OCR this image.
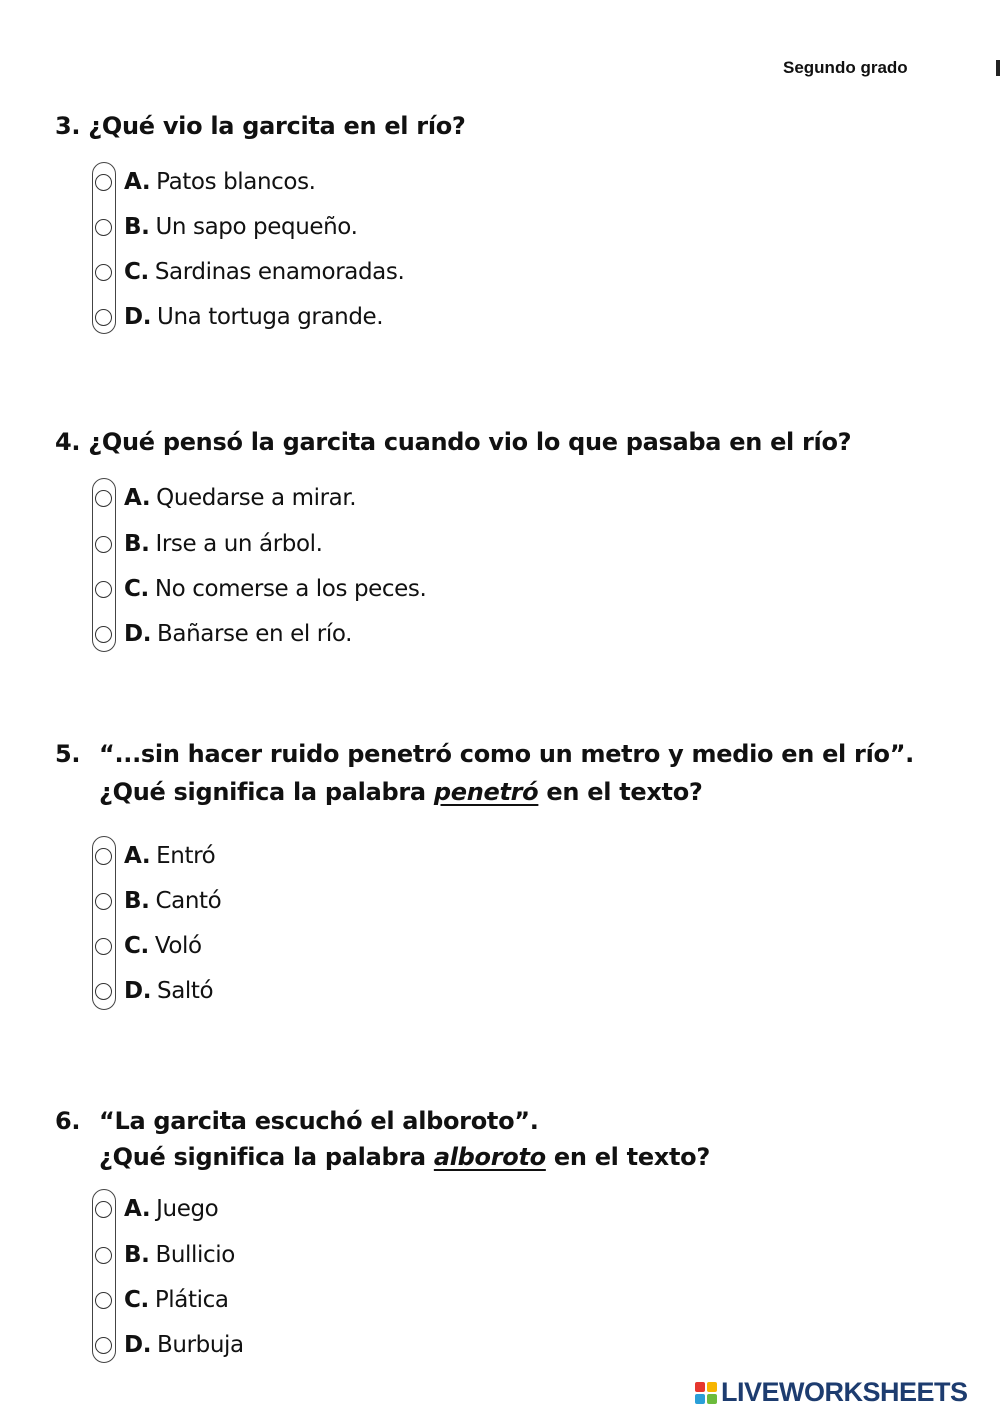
Segundo grado
3. ¿Qué vio la garcita en el río?
A. Patos blancos.
B. Un sapo pequeño.
C. Sardinas enamoradas.
D. Una tortuga grande.
4. ¿Qué pensó la garcita cuando vio lo que pasaba en el río?
A. Quedarse a mirar.
B. Irse a un árbol.
C. No comerse a los peces.
D. Bañarse en el río.
5. “...sin hacer ruido penetró como un metro y medio en el río”.
¿Qué significa la palabra penetró en el texto?
A. Entró
B. Cantó
C. Voló
D. Saltó
6. “La garcita escuchó el alboroto”.
¿Qué significa la palabra alboroto en el texto?
A. Juego
B. Bullicio
C. Plática
D. Burbuja
LIVEWORKSHEETS
